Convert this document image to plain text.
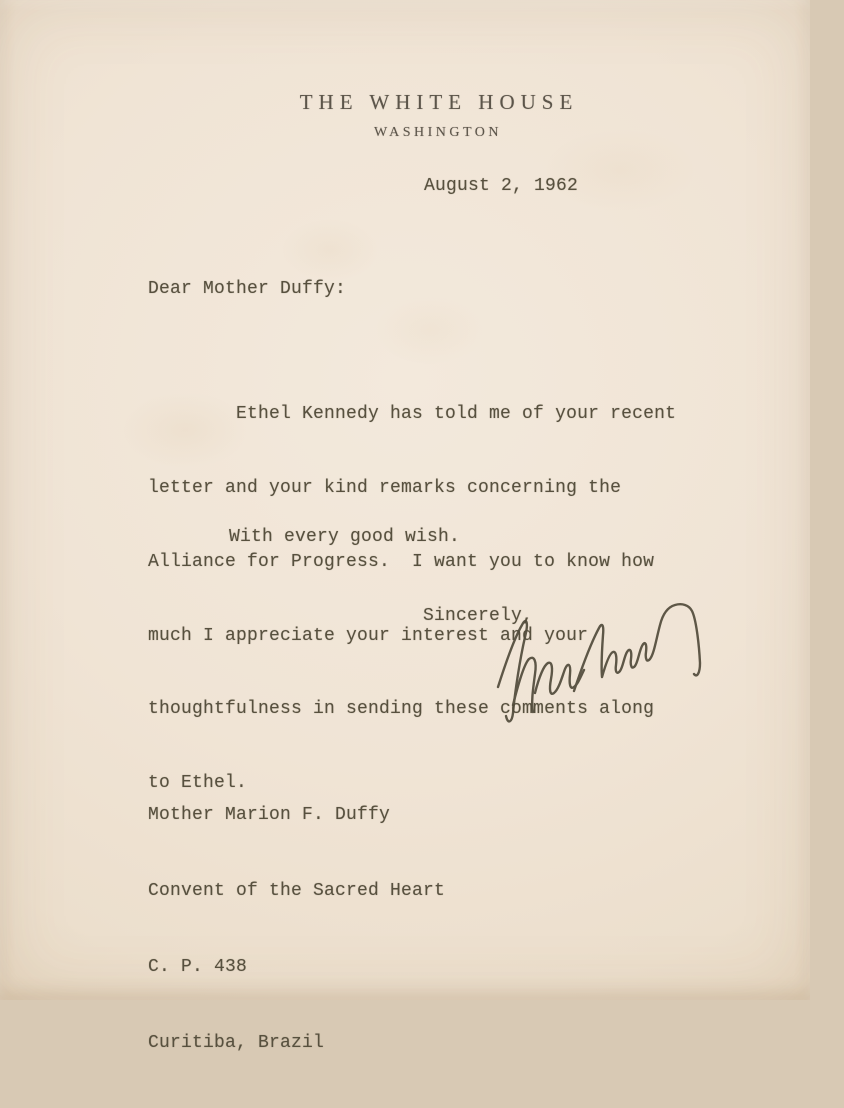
THE WHITE HOUSE
WASHINGTON
August 2, 1962
Dear Mother Duffy:

Ethel Kennedy has told me of your recent

letter and your kind remarks concerning the

Alliance for Progress.  I want you to know how

much I appreciate your interest and your

thoughtfulness in sending these comments along

to Ethel.

With every good wish.
Sincerely,

Mother Marion F. Duffy

Convent of the Sacred Heart

C. P. 438

Curitiba, Brazil
